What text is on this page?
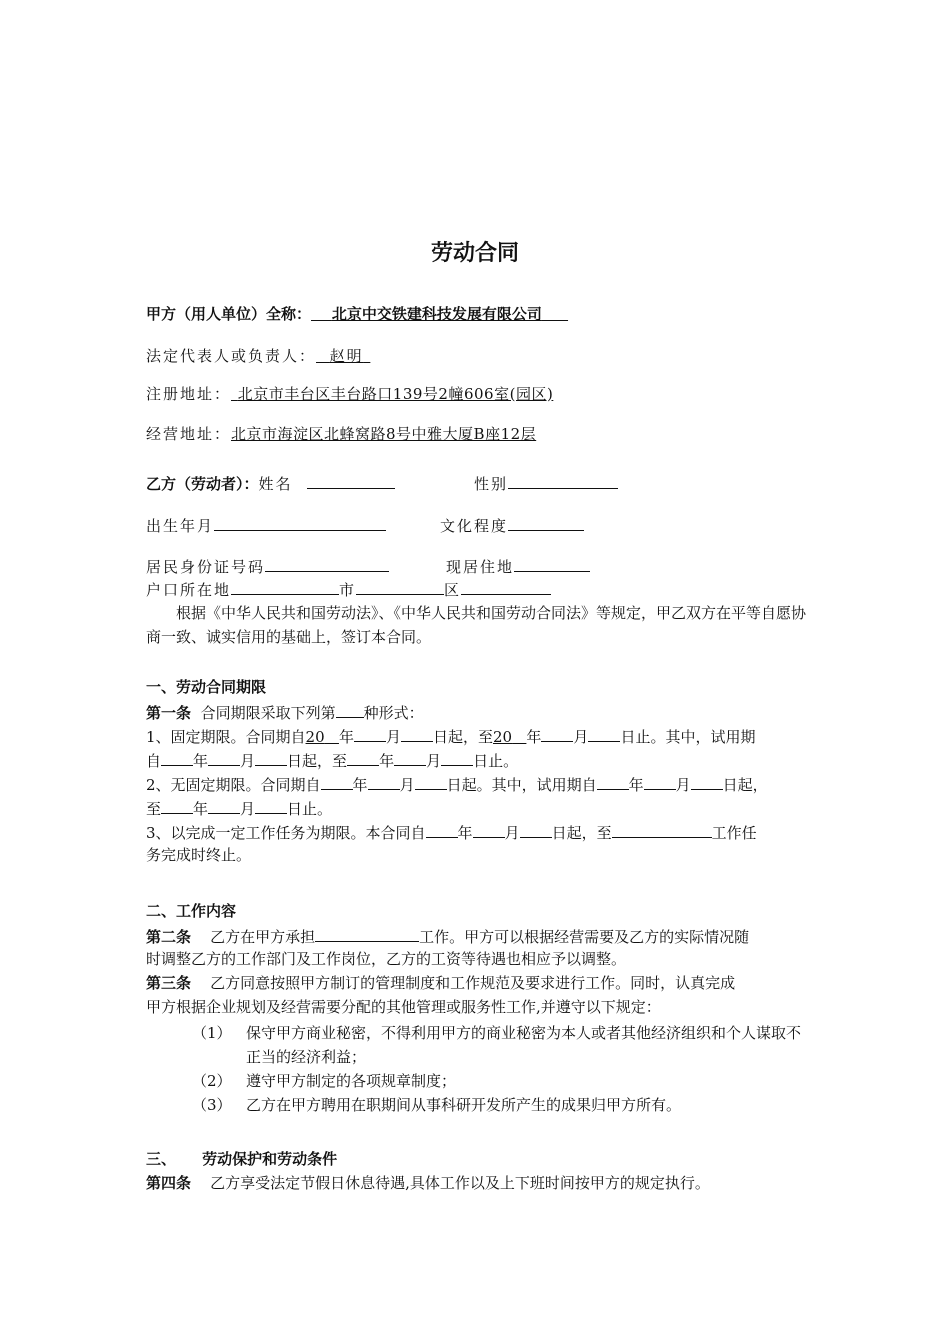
劳动合同
甲方（用人单位）全称： 北京中交铁建科技发展有限公司
法定代表人或负责人： 赵明
注册地址： 北京市丰台区丰台路口139号2幢606室(园区)
经营地址：北京市海淀区北蜂窝路8号中雅大厦B座12层
乙方（劳动者）：姓名	性别
出生年月	文化程度
居民身份证号码	现居住地
户口所在地	市	区
根据《中华人民共和国劳动法》、《中华人民共和国劳动合同法》等规定，甲乙双方在平等自愿协商一致、诚实信用的基础上，签订本合同。
一、劳动合同期限
第一条 合同期限采取下列第 种形式：
1、固定期限。合同期自20 年 月 日起，至20 年 月 日止。其中，试用期
自 年 月 日起，至 年 月 日止。
2、无固定期限。合同期自 年 月 日起。其中，试用期自 年 月 日起，
至 年 月 日止。
3、以完成一定工作任务为期限。本合同自 年 月 日起，至	工作任
务完成时终止。
二、工作内容
第二条 乙方在甲方承担	工作。甲方可以根据经营需要及乙方的实际情况随
时调整乙方的工作部门及工作岗位，乙方的工资等待遇也相应予以调整。
第三条 乙方同意按照甲方制订的管理制度和工作规范及要求进行工作。同时，认真完成
甲方根据企业规划及经营需要分配的其他管理或服务性工作,并遵守以下规定：
（1） 保守甲方商业秘密，不得利用甲方的商业秘密为本人或者其他经济组织和个人谋取不正当的经济利益；
（2） 遵守甲方制定的各项规章制度；
（3） 乙方在甲方聘用在职期间从事科研开发所产生的成果归甲方所有。
三、 劳动保护和劳动条件
第四条 乙方享受法定节假日休息待遇,具体工作以及上下班时间按甲方的规定执行。
